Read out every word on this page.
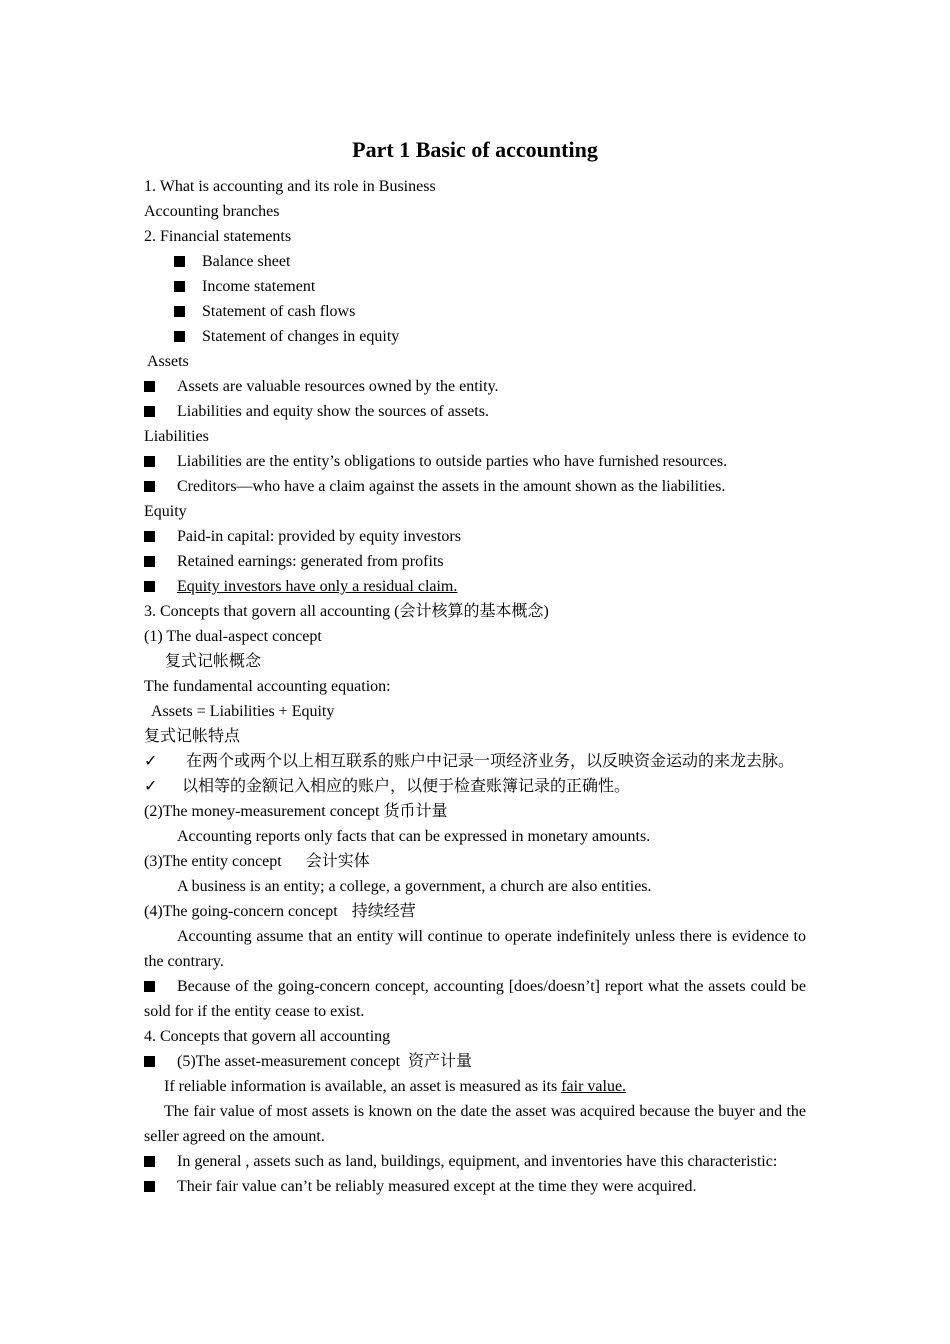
Part 1 Basic of accounting
1. What is accounting and its role in Business
Accounting branches
2. Financial statements
Balance sheet
Income statement
Statement of cash flows
Statement of changes in equity
Assets
Assets are valuable resources owned by the entity.
Liabilities and equity show the sources of assets.
Liabilities
Liabilities are the entity’s obligations to outside parties who have furnished resources.
Creditors—who have a claim against the assets in the amount shown as the liabilities.
Equity
Paid-in capital: provided by equity investors
Retained earnings: generated from profits
Equity investors have only a residual claim.
3. Concepts that govern all accounting (会计核算的基本概念)
(1) The dual-aspect concept
复式记帐概念
The fundamental accounting equation:
Assets = Liabilities + Equity
复式记帐特点
✓ 在两个或两个以上相互联系的账户中记录一项经济业务，以反映资金运动的来龙去脉。
✓ 以相等的金额记入相应的账户，以便于检查账簿记录的正确性。
(2)The money-measurement concept 货币计量
Accounting reports only facts that can be expressed in monetary amounts.
(3)The entity concept 会计实体
A business is an entity; a college, a government, a church are also entities.
(4)The going-concern concept 持续经营
Accounting assume that an entity will continue to operate indefinitely unless there is evidence to the contrary.
Because of the going-concern concept, accounting [does/doesn’t] report what the assets could be sold for if the entity cease to exist.
4. Concepts that govern all accounting
(5)The asset-measurement concept 资产计量
If reliable information is available, an asset is measured as its fair value.
The fair value of most assets is known on the date the asset was acquired because the buyer and the seller agreed on the amount.
In general , assets such as land, buildings, equipment, and inventories have this characteristic:
Their fair value can’t be reliably measured except at the time they were acquired.
